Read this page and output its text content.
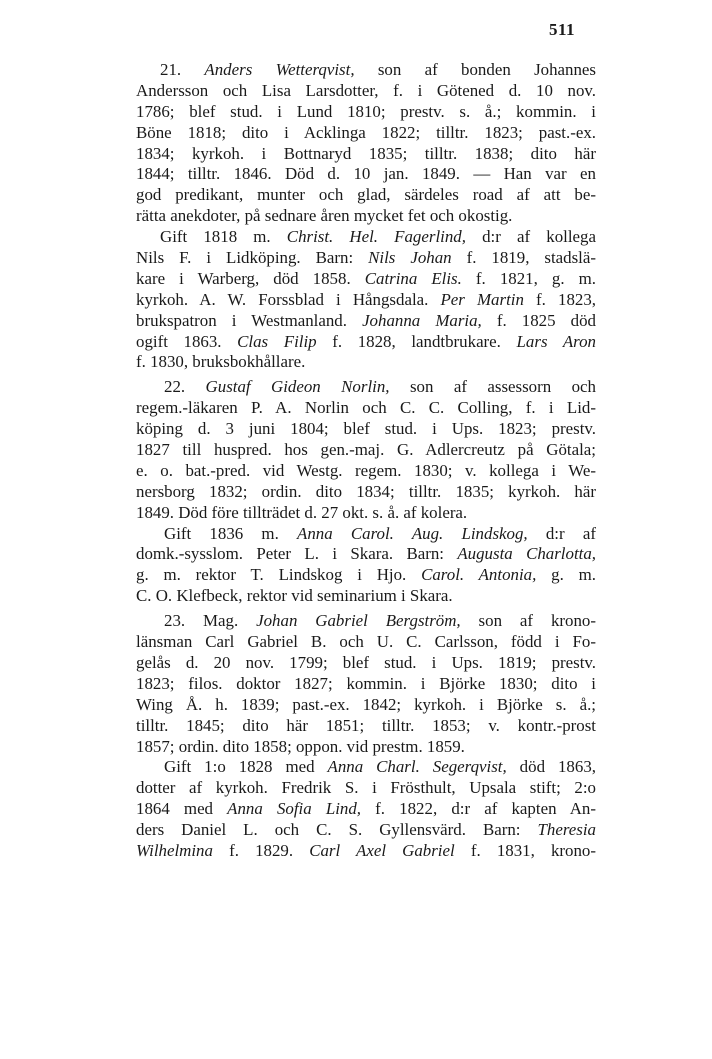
511
21. Anders Wetterqvist, son af bonden Johannes
Andersson och Lisa Larsdotter, f. i Götened d. 10 nov.
1786; blef stud. i Lund 1810; prestv. s. å.; kommin. i
Böne 1818; dito i Acklinga 1822; tilltr. 1823; past.-ex.
1834; kyrkoh. i Bottnaryd 1835; tilltr. 1838; dito här
1844; tilltr. 1846. Död d. 10 jan. 1849. — Han var en
god predikant, munter och glad, särdeles road af att be-
rätta anekdoter, på sednare åren mycket fet och okostig.
Gift 1818 m. Christ. Hel. Fagerlind, d:r af kollega
Nils F. i Lidköping. Barn: Nils Johan f. 1819, stadslä-
kare i Warberg, död 1858. Catrina Elis. f. 1821, g. m.
kyrkoh. A. W. Forssblad i Hångsdala. Per Martin f. 1823,
brukspatron i Westmanland. Johanna Maria, f. 1825 död
ogift 1863. Clas Filip f. 1828, landtbrukare. Lars Aron
f. 1830, bruksbokhållare.
22. Gustaf Gideon Norlin, son af assessorn och
regem.-läkaren P. A. Norlin och C. C. Colling, f. i Lid-
köping d. 3 juni 1804; blef stud. i Ups. 1823; prestv.
1827 till huspred. hos gen.-maj. G. Adlercreutz på Götala;
e. o. bat.-pred. vid Westg. regem. 1830; v. kollega i We-
nersborg 1832; ordin. dito 1834; tilltr. 1835; kyrkoh. här
1849. Död före tillträdet d. 27 okt. s. å. af kolera.
Gift 1836 m. Anna Carol. Aug. Lindskog, d:r af
domk.-sysslom. Peter L. i Skara. Barn: Augusta Charlotta,
g. m. rektor T. Lindskog i Hjo. Carol. Antonia, g. m.
C. O. Klefbeck, rektor vid seminarium i Skara.
23. Mag. Johan Gabriel Bergström, son af krono-
länsman Carl Gabriel B. och U. C. Carlsson, född i Fo-
gelås d. 20 nov. 1799; blef stud. i Ups. 1819; prestv.
1823; filos. doktor 1827; kommin. i Björke 1830; dito i
Wing Å. h. 1839; past.-ex. 1842; kyrkoh. i Björke s. å.;
tilltr. 1845; dito här 1851; tilltr. 1853; v. kontr.-prost
1857; ordin. dito 1858; oppon. vid prestm. 1859.
Gift 1:o 1828 med Anna Charl. Segerqvist, död 1863,
dotter af kyrkoh. Fredrik S. i Frösthult, Upsala stift; 2:o
1864 med Anna Sofia Lind, f. 1822, d:r af kapten An-
ders Daniel L. och C. S. Gyllensvärd. Barn: Theresia
Wilhelmina f. 1829. Carl Axel Gabriel f. 1831, krono-
